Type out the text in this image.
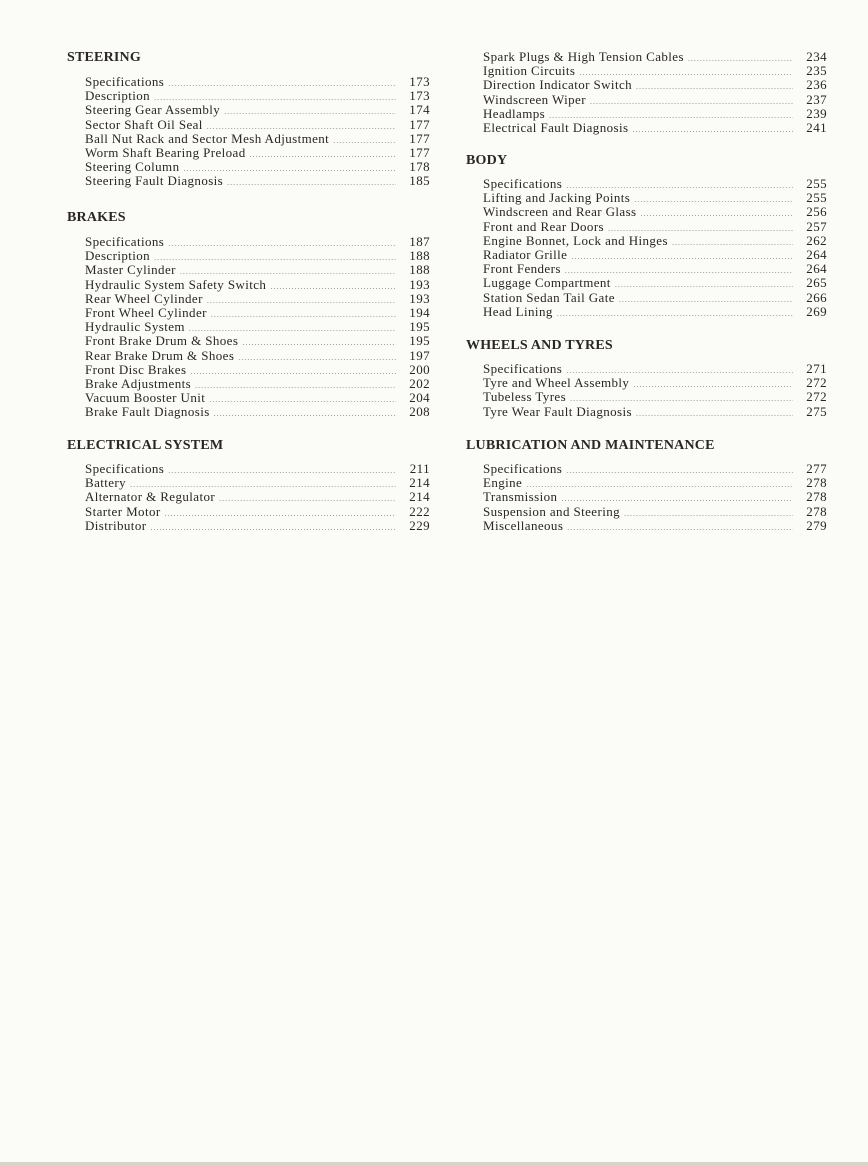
STEERING
Specifications .....	173
Description .....	173
Steering Gear Assembly .....	174
Sector Shaft Oil Seal .....	177
Ball Nut Rack and Sector Mesh Adjustment .....	177
Worm Shaft Bearing Preload .....	177
Steering Column .....	178
Steering Fault Diagnosis .....	185
BRAKES
Specifications .....	187
Description .....	188
Master Cylinder .....	188
Hydraulic System Safety Switch .....	193
Rear Wheel Cylinder .....	193
Front Wheel Cylinder .....	194
Hydraulic System .....	195
Front Brake Drum & Shoes .....	195
Rear Brake Drum & Shoes .....	197
Front Disc Brakes .....	200
Brake Adjustments .....	202
Vacuum Booster Unit .....	204
Brake Fault Diagnosis .....	208
ELECTRICAL SYSTEM
Specifications .....	211
Battery .....	214
Alternator & Regulator .....	214
Starter Motor .....	222
Distributor .....	229
Spark Plugs & High Tension Cables .....	234
Ignition Circuits .....	235
Direction Indicator Switch .....	236
Windscreen Wiper .....	237
Headlamps .....	239
Electrical Fault Diagnosis .....	241
BODY
Specifications .....	255
Lifting and Jacking Points .....	255
Windscreen and Rear Glass .....	256
Front and Rear Doors .....	257
Engine Bonnet, Lock and Hinges .....	262
Radiator Grille .....	264
Front Fenders .....	264
Luggage Compartment .....	265
Station Sedan Tail Gate .....	266
Head Lining .....	269
WHEELS AND TYRES
Specifications .....	271
Tyre and Wheel Assembly .....	272
Tubeless Tyres .....	272
Tyre Wear Fault Diagnosis .....	275
LUBRICATION AND MAINTENANCE
Specifications .....	277
Engine .....	278
Transmission .....	278
Suspension and Steering .....	278
Miscellaneous .....	279
